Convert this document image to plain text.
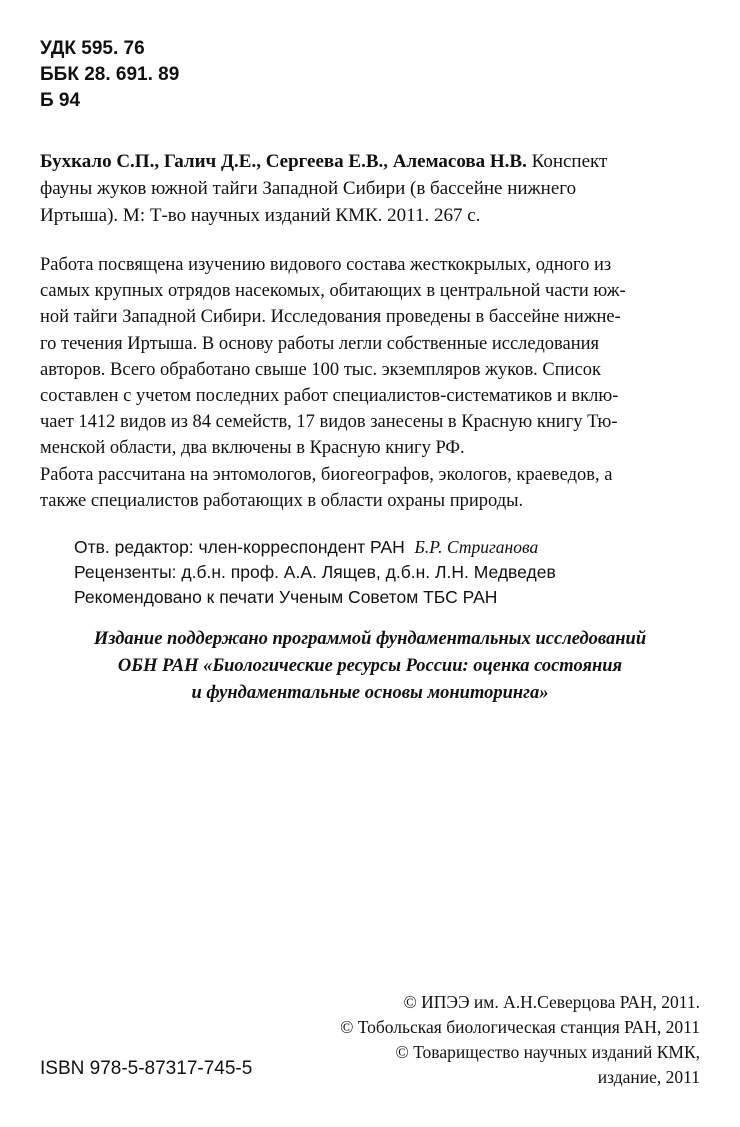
УДК 595. 76
ББК 28. 691. 89
Б 94
Бухкало С.П., Галич Д.Е., Сергеева Е.В., Алемасова Н.В. Конспект
фауны жуков южной тайги Западной Сибири (в бассейне нижнего
Иртыша). М: Т-во научных изданий КМК. 2011. 267 с.

Работа посвящена изучению видового состава жесткокрылых, одного из
самых крупных отрядов насекомых, обитающих в центральной части юж-
ной тайги Западной Сибири. Исследования проведены в бассейне нижне-
го течения Иртыша. В основу работы легли собственные исследования
авторов. Всего обработано свыше 100 тыс. экземпляров жуков. Список
составлен с учетом последних работ специалистов-систематиков и вклю-
чает 1412 видов из 84 семейств, 17 видов занесены в Красную книгу Тю-
менской области, два включены в Красную книгу РФ.

Работа рассчитана на энтомологов, биогеографов, экологов, краеведов, а
также специалистов работающих в области охраны природы.

Отв. редактор: член-корреспондент РАН Б.Р. Стриганова
Рецензенты: д.б.н. проф. А.А. Лящев, д.б.н. Л.Н. Медведев
Рекомендовано к печати Ученым Советом ТБС РАН
Издание поддержано программой фундаментальных исследований
ОБН РАН «Биологические ресурсы России: оценка состояния
и фундаментальные основы мониторинга»
© ИПЭЭ им. А.Н.Северцова РАН, 2011.
© Тобольская биологическая станция РАН, 2011
© Товарищество научных изданий КМК,
издание, 2011
ISBN 978-5-87317-745-5
